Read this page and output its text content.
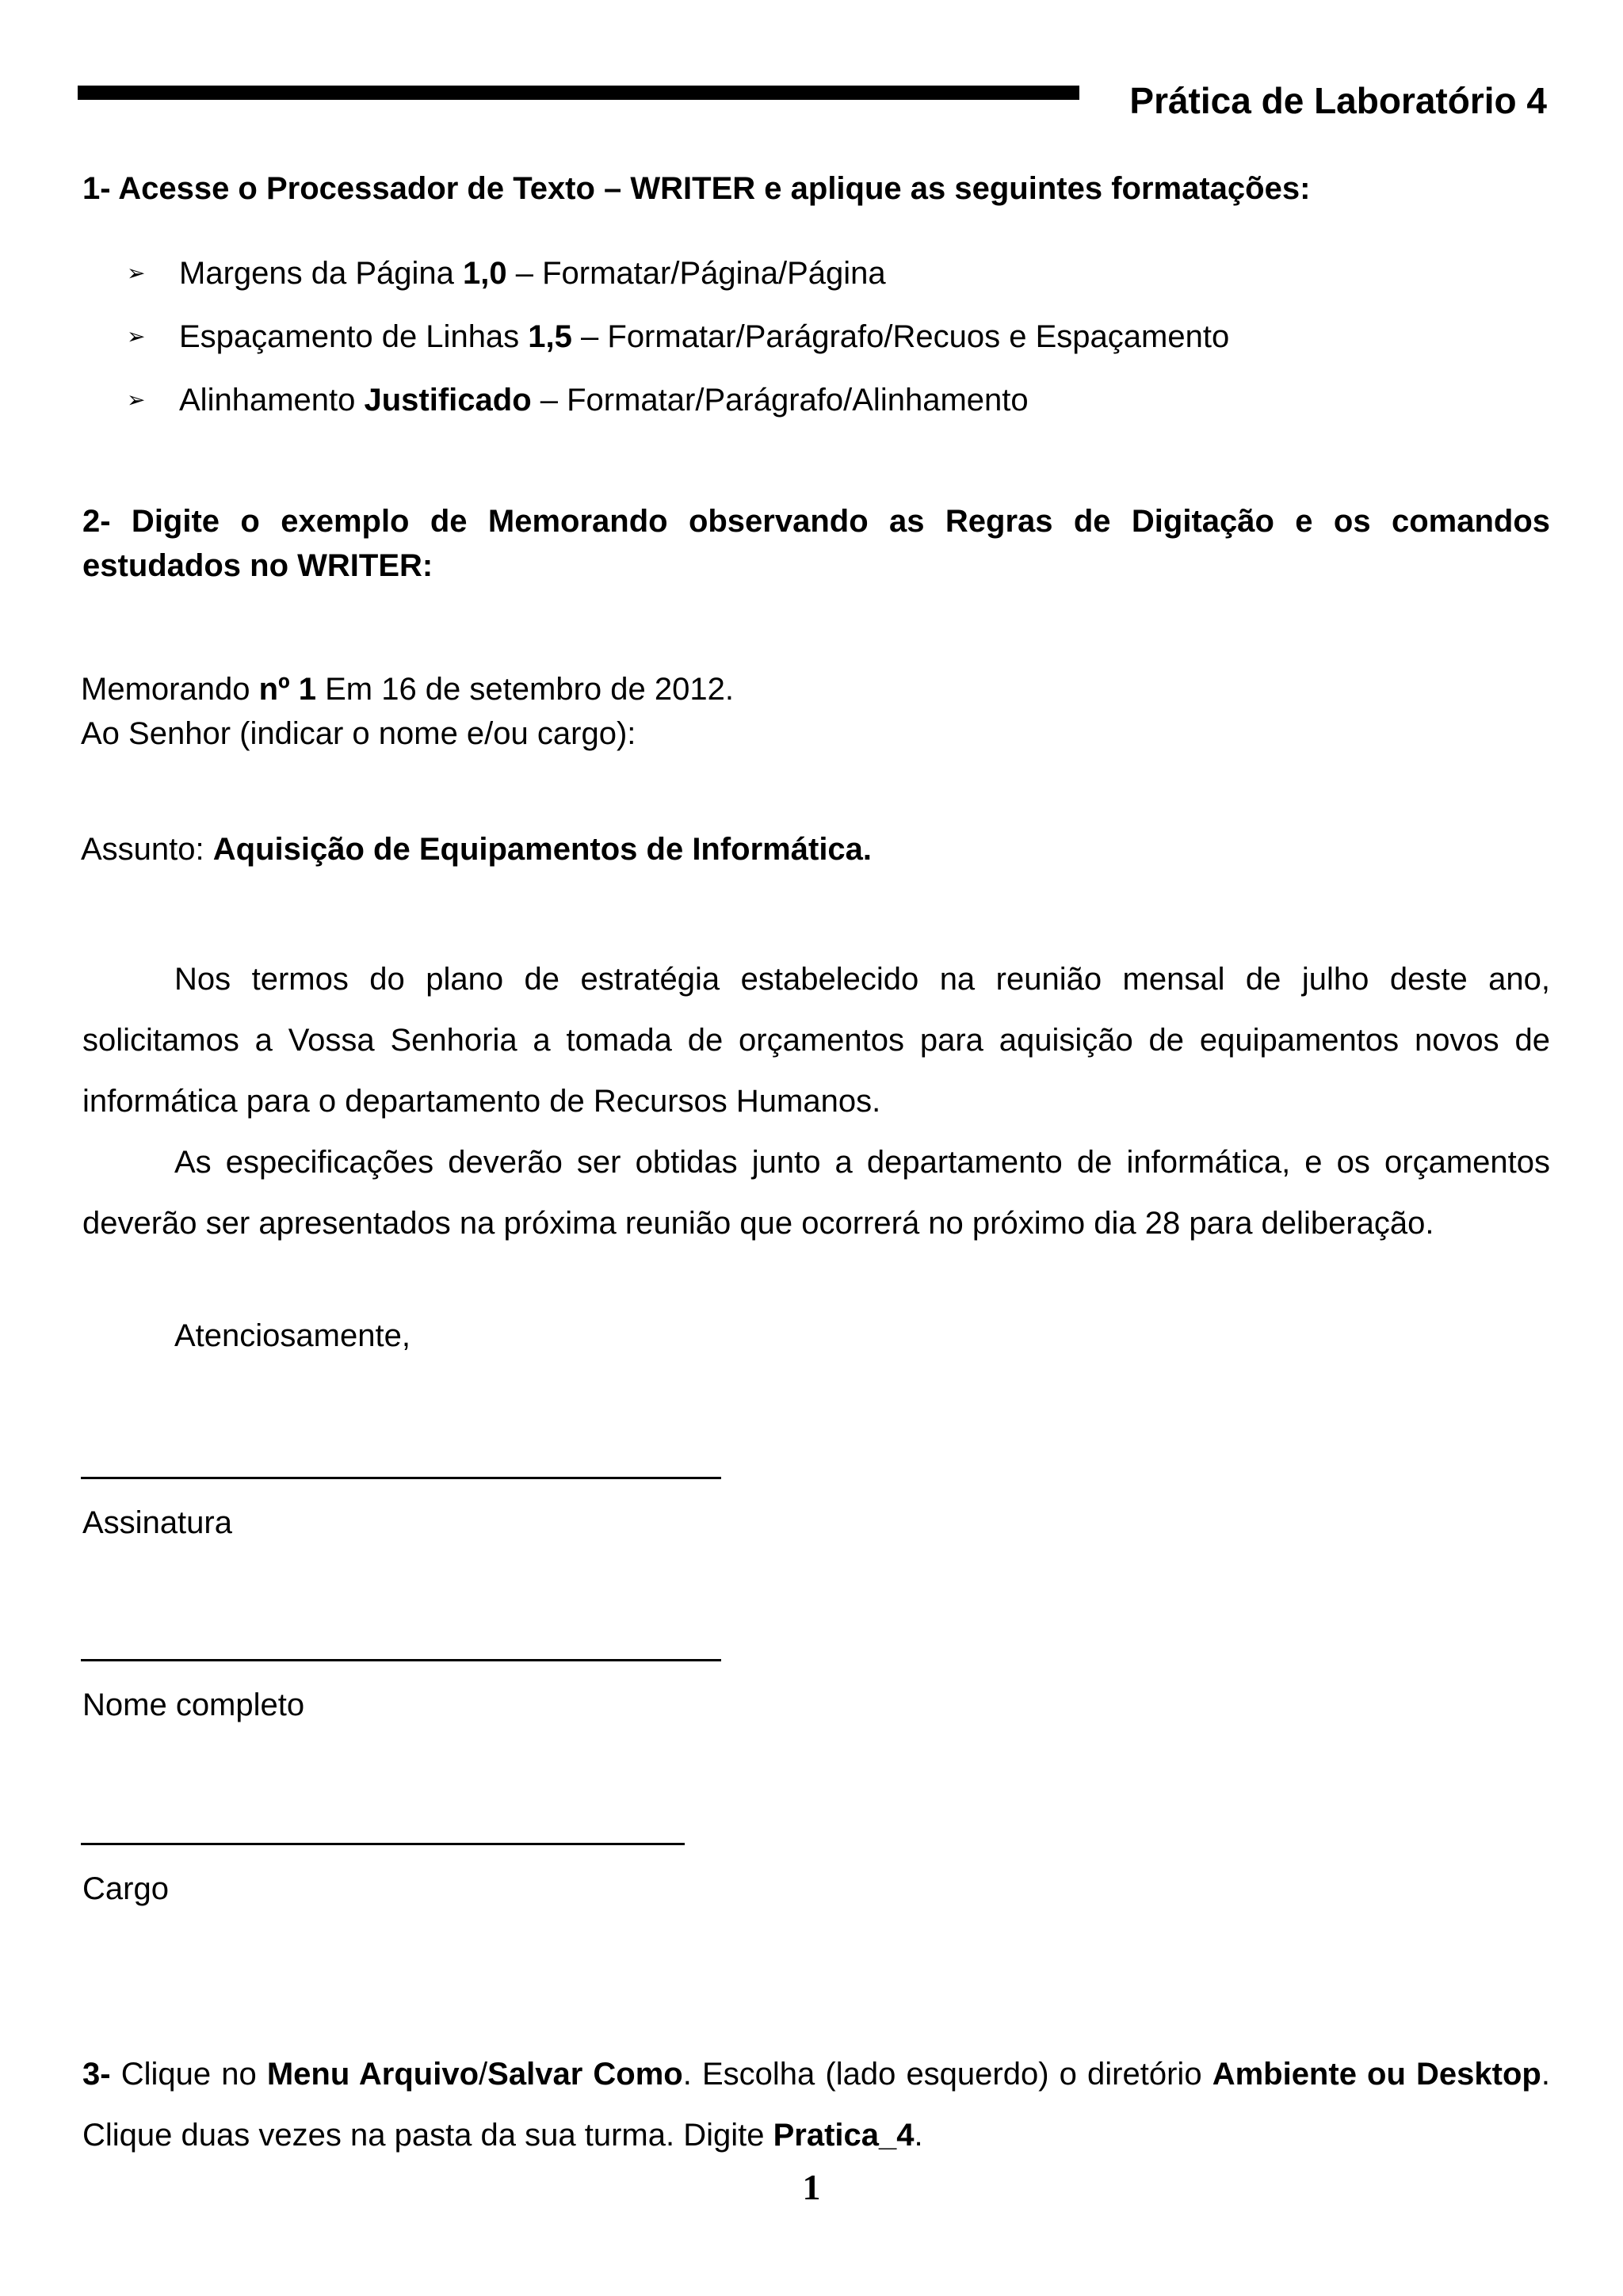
Prática de Laboratório 4
1- Acesse o Processador de Texto – WRITER e aplique as seguintes formatações:
➢ Margens da Página 1,0 – Formatar/Página/Página
➢ Espaçamento de Linhas 1,5 – Formatar/Parágrafo/Recuos e Espaçamento
➢ Alinhamento Justificado – Formatar/Parágrafo/Alinhamento
2- Digite o exemplo de Memorando observando as Regras de Digitação e os comandos estudados no WRITER:
Memorando nº 1 Em 16 de setembro de 2012.
Ao Senhor (indicar o nome e/ou cargo):
Assunto: Aquisição de Equipamentos de Informática.

Nos termos do plano de estratégia estabelecido na reunião mensal de julho deste ano, solicitamos a Vossa Senhoria a tomada de orçamentos para aquisição de equipamentos novos de informática para o departamento de Recursos Humanos.

As especificações deverão ser obtidas junto a departamento de informática, e os orçamentos deverão ser apresentados na próxima reunião que ocorrerá no próximo dia 28 para deliberação.

Atenciosamente,
Assinatura
Nome completo
Cargo

3- Clique no Menu Arquivo/Salvar Como. Escolha (lado esquerdo) o diretório Ambiente ou Desktop. Clique duas vezes na pasta da sua turma. Digite Pratica_4.

1
